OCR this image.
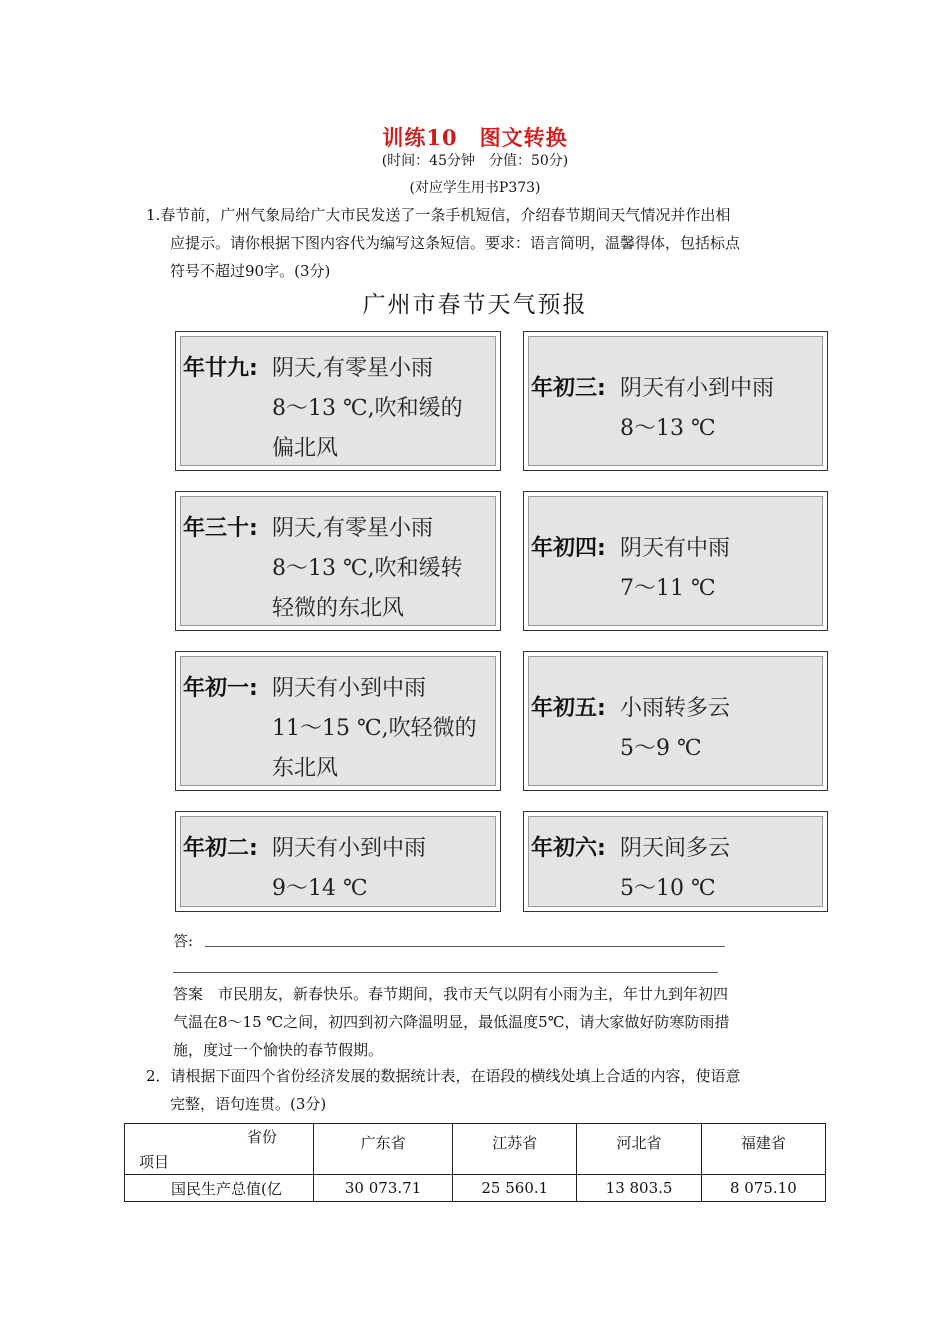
训练10　图文转换
(时间：45分钟　分值：50分)
(对应学生用书P373)
1.春节前，广州气象局给广大市民发送了一条手机短信，介绍春节期间天气情况并作出相
应提示。请你根据下图内容代为编写这条短信。要求：语言简明，温馨得体，包括标点
符号不超过90字。(3分)
广州市春节天气预报
年廿九: 阴天,有零星小雨
8～13 ℃,吹和缓的
偏北风
年初三: 阴天有小到中雨
8～13 ℃
年三十: 阴天,有零星小雨
8～13 ℃,吹和缓转
轻微的东北风
年初四: 阴天有中雨
7～11 ℃
年初一: 阴天有小到中雨
11～15 ℃,吹轻微的
东北风
年初五: 小雨转多云
5～9 ℃
年初二: 阴天有小到中雨
9～14 ℃
年初六: 阴天间多云
5～10 ℃
答:
答案　市民朋友，新春快乐。春节期间，我市天气以阴有小雨为主，年廿九到年初四
气温在8～15 ℃之间，初四到初六降温明显，最低温度5℃，请大家做好防寒防雨措
施，度过一个愉快的春节假期。
2．请根据下面四个省份经济发展的数据统计表，在语段的横线处填上合适的内容，使语意
完整，语句连贯。(3分)
省份
项目	广东省	江苏省	河北省	福建省
国民生产总值(亿	30 073.71	25 560.1	13 803.5	8 075.10
